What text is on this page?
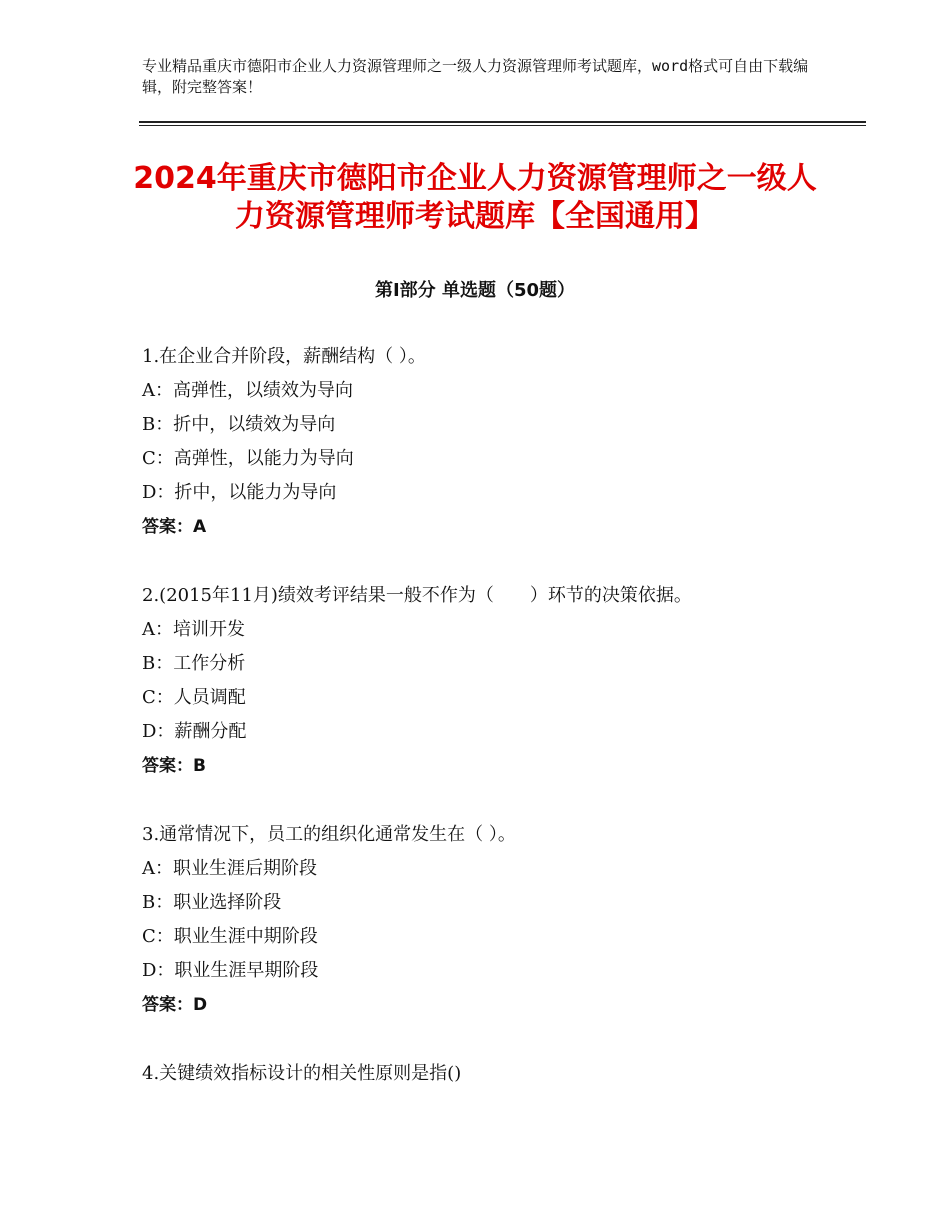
专业精品重庆市德阳市企业人力资源管理师之一级人力资源管理师考试题库，word格式可自由下载编辑，附完整答案！
2024年重庆市德阳市企业人力资源管理师之一级人力资源管理师考试题库【全国通用】
第Ⅰ部分 单选题（50题）
1.在企业合并阶段，薪酬结构（ ）。
A：高弹性，以绩效为导向
B：折中，以绩效为导向
C：高弹性，以能力为导向
D：折中，以能力为导向
答案：A
2.(2015年11月)绩效考评结果一般不作为（　　）环节的决策依据。
A：培训开发
B：工作分析
C：人员调配
D：薪酬分配
答案：B
3.通常情况下，员工的组织化通常发生在（ ）。
A：职业生涯后期阶段
B：职业选择阶段
C：职业生涯中期阶段
D：职业生涯早期阶段
答案：D
4.关键绩效指标设计的相关性原则是指()
